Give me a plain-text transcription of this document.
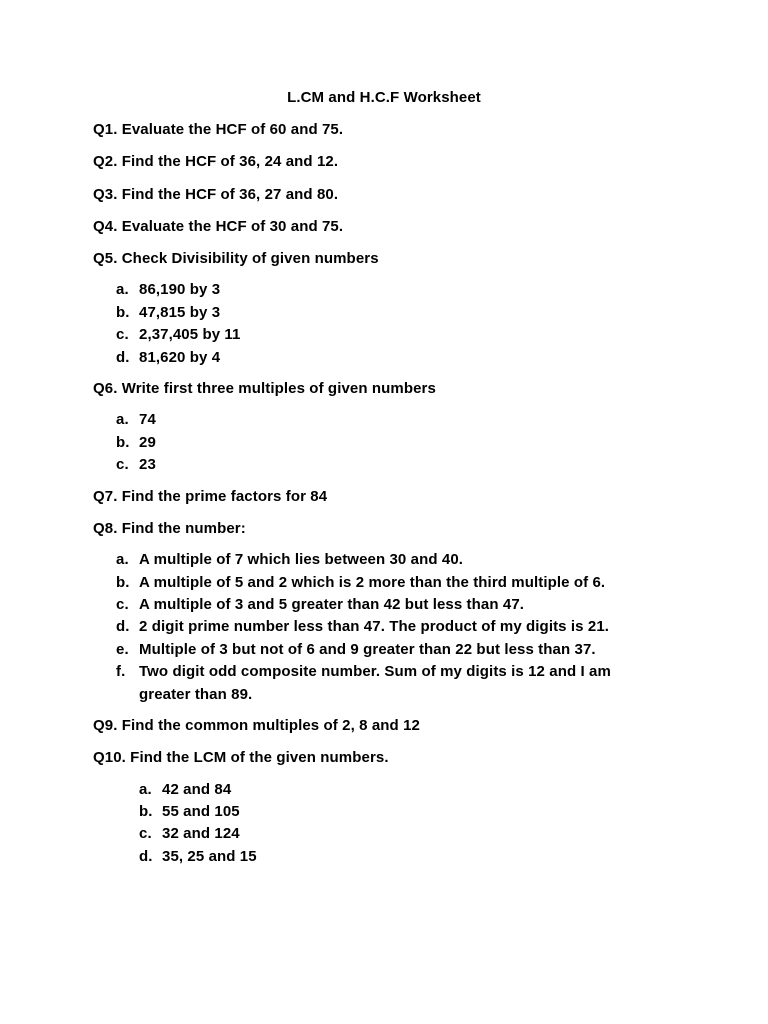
L.CM and H.C.F Worksheet
Q1. Evaluate the HCF of 60 and 75.
Q2. Find the HCF of 36, 24 and 12.
Q3. Find the HCF of 36, 27 and 80.
Q4. Evaluate the HCF of 30 and 75.
Q5. Check Divisibility of given numbers
a. 86,190 by 3
b. 47,815 by 3
c. 2,37,405 by 11
d. 81,620 by 4
Q6. Write first three multiples of given numbers
a. 74
b. 29
c. 23
Q7. Find the prime factors for 84
Q8. Find the number:
a. A multiple of 7 which lies between 30 and 40.
b. A multiple of 5 and 2 which is 2 more than the third multiple of 6.
c. A multiple of 3 and 5 greater than 42 but less than 47.
d. 2 digit prime number less than 47. The product of my digits is 21.
e. Multiple of 3 but not of 6 and 9 greater than 22 but less than 37.
f. Two digit odd composite number. Sum of my digits is 12 and I am greater than 89.
Q9. Find the common multiples of 2, 8 and 12
Q10. Find the LCM of the given numbers.
a. 42 and 84
b. 55 and 105
c. 32 and 124
d. 35, 25 and 15
